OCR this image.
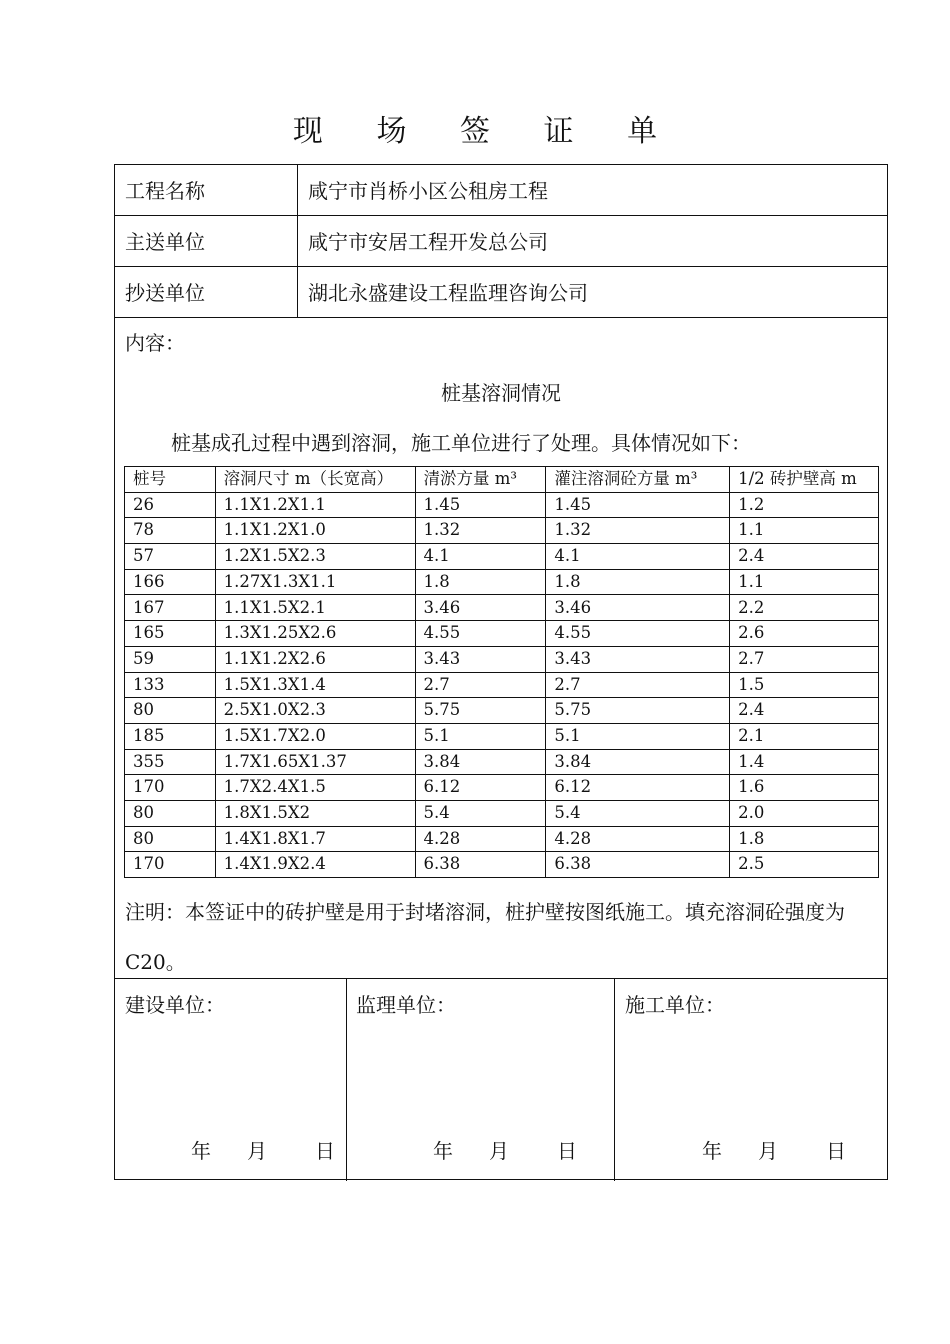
现 场 签 证 单
工程名称	咸宁市肖桥小区公租房工程
主送单位	咸宁市安居工程开发总公司
抄送单位	湖北永盛建设工程监理咨询公司
内容：
桩基溶洞情况
桩基成孔过程中遇到溶洞，施工单位进行了处理。具体情况如下：
桩号	溶洞尺寸 m（长宽高）	清淤方量 m³	灌注溶洞砼方量 m³	1/2 砖护壁高 m
26	1.1X1.2X1.1	1.45	1.45	1.2
78	1.1X1.2X1.0	1.32	1.32	1.1
57	1.2X1.5X2.3	4.1	4.1	2.4
166	1.27X1.3X1.1	1.8	1.8	1.1
167	1.1X1.5X2.1	3.46	3.46	2.2
165	1.3X1.25X2.6	4.55	4.55	2.6
59	1.1X1.2X2.6	3.43	3.43	2.7
133	1.5X1.3X1.4	2.7	2.7	1.5
80	2.5X1.0X2.3	5.75	5.75	2.4
185	1.5X1.7X2.0	5.1	5.1	2.1
355	1.7X1.65X1.37	3.84	3.84	1.4
170	1.7X2.4X1.5	6.12	6.12	1.6
80	1.8X1.5X2	5.4	5.4	2.0
80	1.4X1.8X1.7	4.28	4.28	1.8
170	1.4X1.9X2.4	6.38	6.38	2.5
注明：本签证中的砖护壁是用于封堵溶洞，桩护壁按图纸施工。填充溶洞砼强度为 C20。
建设单位：	监理单位：	施工单位：
年 月 日	年 月 日	年 月 日
